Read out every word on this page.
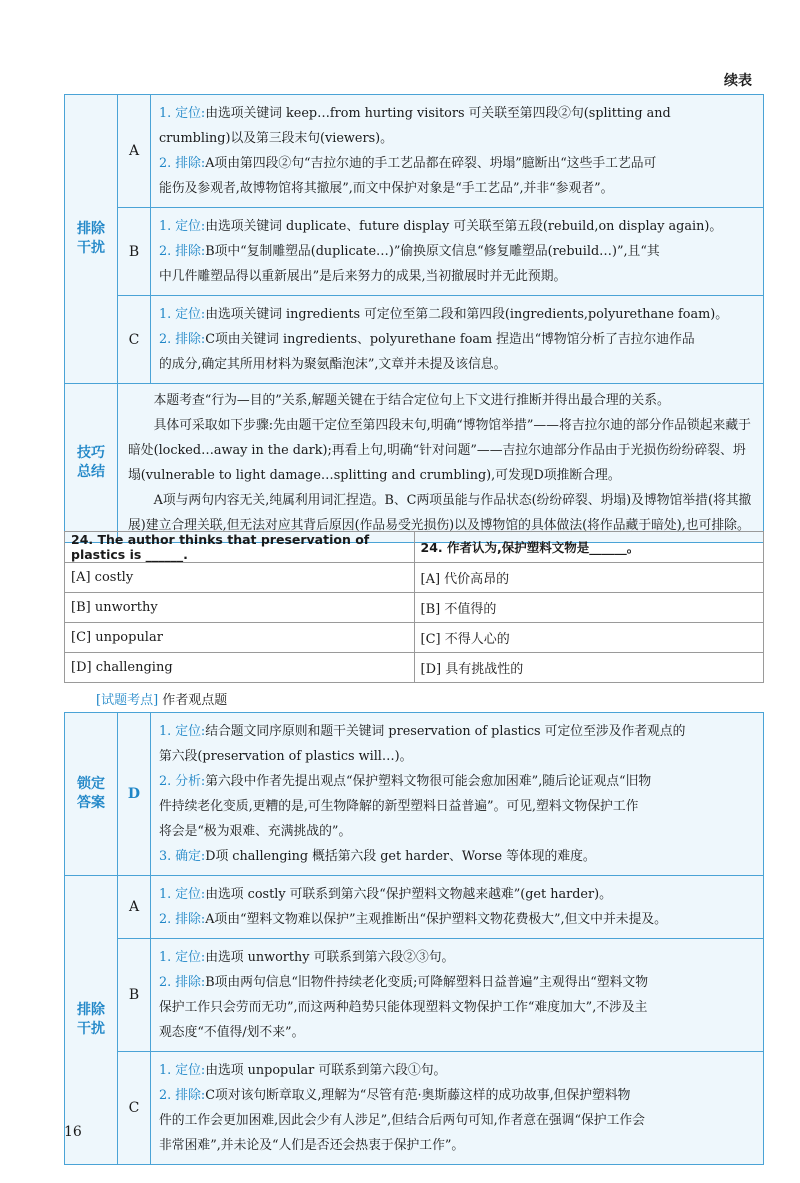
续表
排除干扰
A
1. 定位:由选项关键词 keep…from hurting visitors 可关联至第四段②句(splitting and
crumbling)以及第三段末句(viewers)。
2. 排除:A项由第四段②句“吉拉尔迪的手工艺品都在碎裂、坍塌”臆断出“这些手工艺品可
能伤及参观者,故博物馆将其撤展”,而文中保护对象是“手工艺品”,并非“参观者”。
B
1. 定位:由选项关键词 duplicate、future display 可关联至第五段(rebuild,on display again)。
2. 排除:B项中“复制雕塑品(duplicate…)”偷换原文信息“修复雕塑品(rebuild…)”,且“其
中几件雕塑品得以重新展出”是后来努力的成果,当初撤展时并无此预期。
C
1. 定位:由选项关键词 ingredients 可定位至第二段和第四段(ingredients,polyurethane foam)。
2. 排除:C项由关键词 ingredients、polyurethane foam 捏造出“博物馆分析了吉拉尔迪作品
的成分,确定其所用材料为聚氨酯泡沫”,文章并未提及该信息。
技巧总结

本题考查“行为—目的”关系,解题关键在于结合定位句上下文进行推断并得出最合理的关系。

具体可采取如下步骤:先由题干定位至第四段末句,明确“博物馆举措”——将吉拉尔迪的部分作品锁起来藏于暗处(locked…away in the dark);再看上句,明确“针对问题”——吉拉尔迪部分作品由于光损伤纷纷碎裂、坍塌(vulnerable to light damage…splitting and crumbling),可发现D项推断合理。

A项与两句内容无关,纯属利用词汇捏造。B、C两项虽能与作品状态(纷纷碎裂、坍塌)及博物馆举措(将其撤展)建立合理关联,但无法对应其背后原因(作品易受光损伤)以及博物馆的具体做法(将作品藏于暗处),也可排除。

24. The author thinks that preservation of plastics is ______.	24. 作者认为,保护塑料文物是______。
[A] costly	[A] 代价高昂的
[B] unworthy	[B] 不值得的
[C] unpopular	[C] 不得人心的
[D] challenging	[D] 具有挑战性的
[试题考点] 作者观点题
锁定答案
D
1. 定位:结合题文同序原则和题干关键词 preservation of plastics 可定位至涉及作者观点的
第六段(preservation of plastics will…)。
2. 分析:第六段中作者先提出观点“保护塑料文物很可能会愈加困难”,随后论证观点“旧物
件持续老化变质,更糟的是,可生物降解的新型塑料日益普遍”。可见,塑料文物保护工作
将会是“极为艰难、充满挑战的”。
3. 确定:D项 challenging 概括第六段 get harder、Worse 等体现的难度。
排除干扰
A
1. 定位:由选项 costly 可联系到第六段“保护塑料文物越来越难”(get harder)。
2. 排除:A项由“塑料文物难以保护”主观推断出“保护塑料文物花费极大”,但文中并未提及。
B
1. 定位:由选项 unworthy 可联系到第六段②③句。
2. 排除:B项由两句信息“旧物件持续老化变质;可降解塑料日益普遍”主观得出“塑料文物
保护工作只会劳而无功”,而这两种趋势只能体现塑料文物保护工作“难度加大”,不涉及主
观态度“不值得/划不来”。
C
1. 定位:由选项 unpopular 可联系到第六段①句。
2. 排除:C项对该句断章取义,理解为“尽管有范·奥斯藤这样的成功故事,但保护塑料物
件的工作会更加困难,因此会少有人涉足”,但结合后两句可知,作者意在强调“保护工作会
非常困难”,并未论及“人们是否还会热衷于保护工作”。
16
